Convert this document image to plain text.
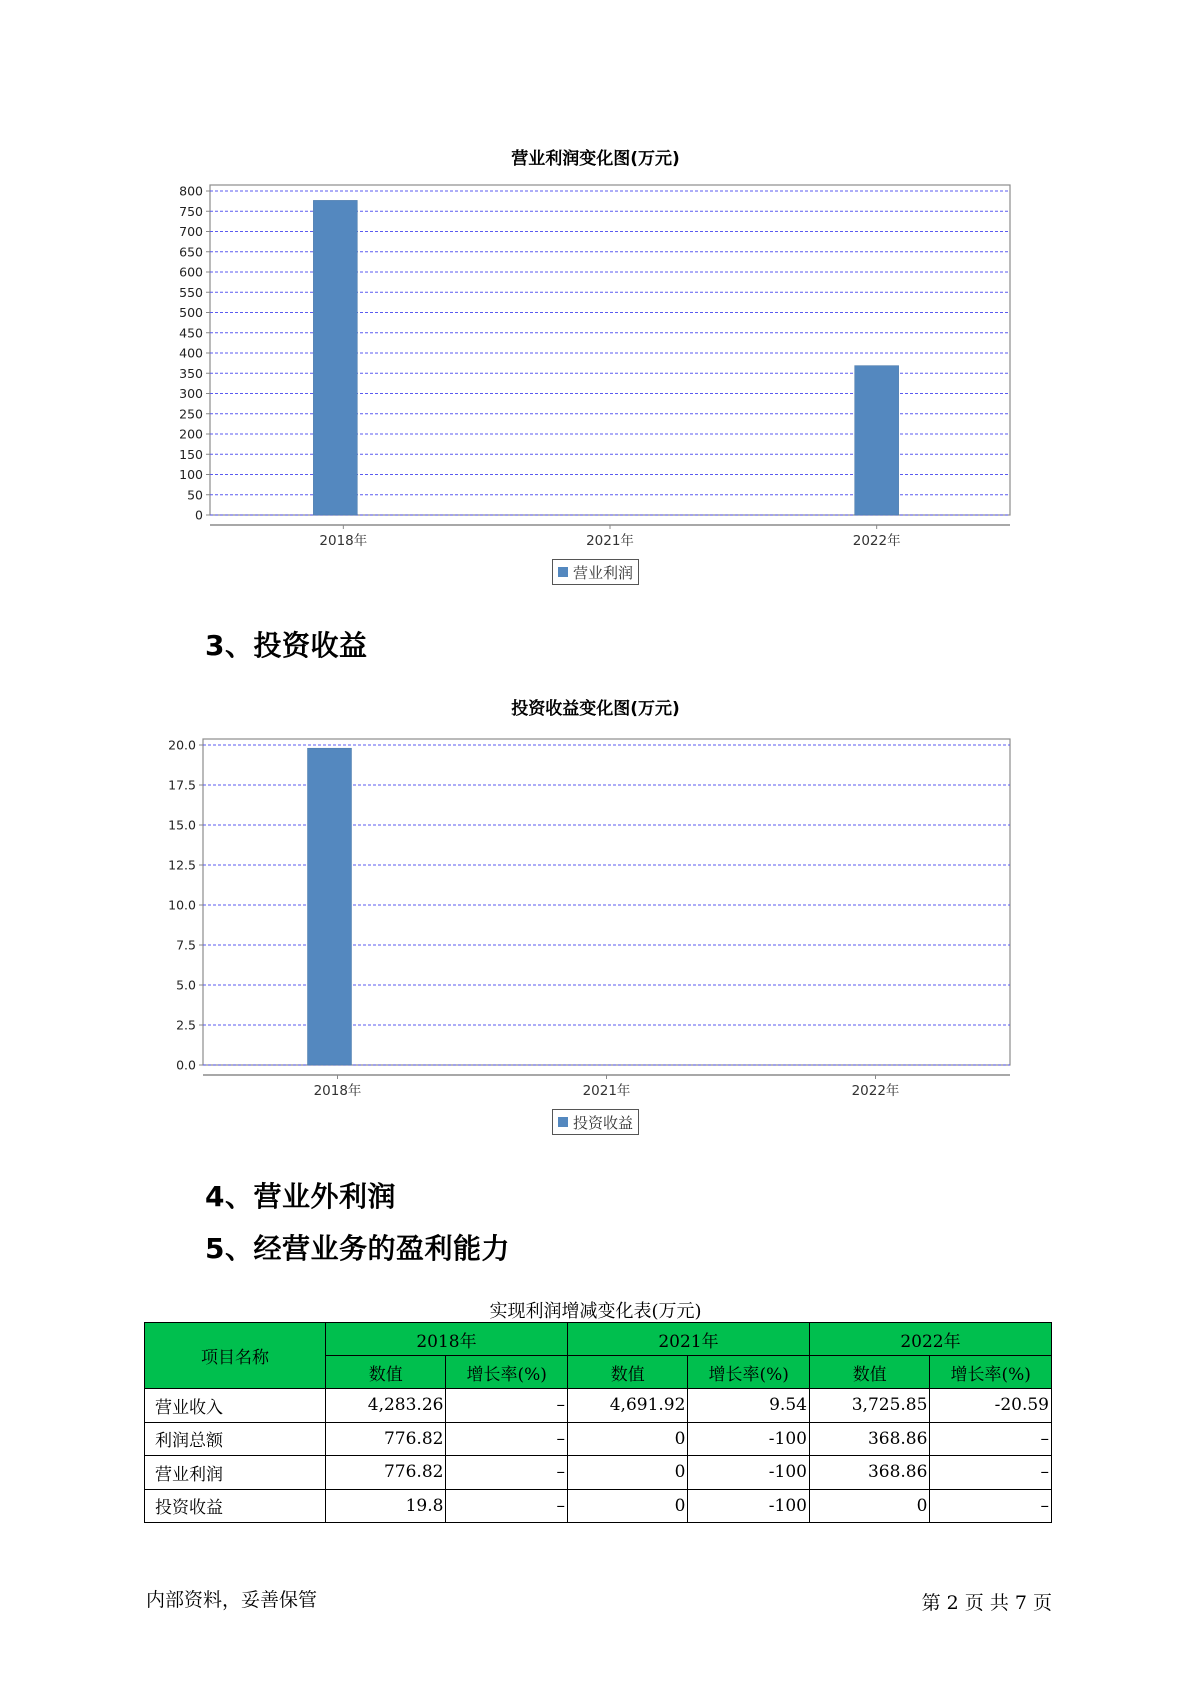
营业利润变化图(万元)
0
50
100
150
200
250
300
350
400
450
500
550
600
650
700
750
800
2018年	2021年	2022年
营业利润
3、投资收益
投资收益变化图(万元)
0.0
2.5
5.0
7.5
10.0
12.5
15.0
17.5
20.0
2018年	2021年	2022年
投资收益
4、营业外利润
5、经营业务的盈利能力
实现利润增减变化表(万元)
项目名称	2018年		2021年		2022年	
	数值	增长率(%)	数值	增长率(%)	数值	增长率(%)
营业收入	4,283.26	–	4,691.92	9.54	3,725.85	-20.59
利润总额	776.82	–	0	-100	368.86	–
营业利润	776.82	–	0	-100	368.86	–
投资收益	19.8	–	0	-100	0	–
内部资料，妥善保管	第 2 页 共 7 页
